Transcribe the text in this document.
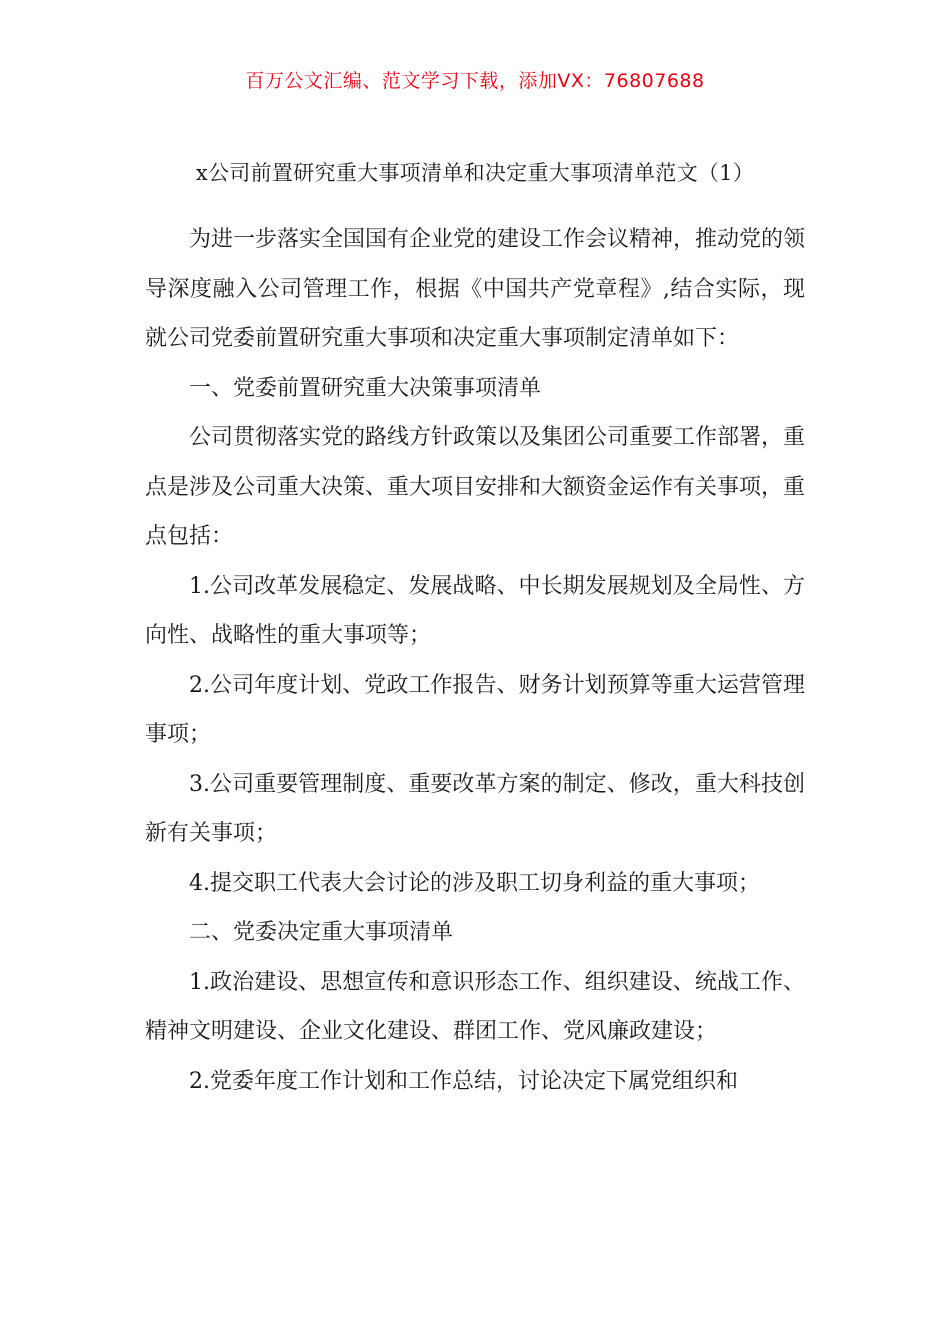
百万公文汇编、范文学习下载，添加VX：76807688
x公司前置研究重大事项清单和决定重大事项清单范文（1）

为进一步落实全国国有企业党的建设工作会议精神，推动党的领导深度融入公司管理工作，根据《中国共产党章程》,结合实际，现就公司党委前置研究重大事项和决定重大事项制定清单如下：

一、党委前置研究重大决策事项清单

公司贯彻落实党的路线方针政策以及集团公司重要工作部署，重点是涉及公司重大决策、重大项目安排和大额资金运作有关事项，重点包括：

1.公司改革发展稳定、发展战略、中长期发展规划及全局性、方向性、战略性的重大事项等；

2.公司年度计划、党政工作报告、财务计划预算等重大运营管理事项；

3.公司重要管理制度、重要改革方案的制定、修改，重大科技创新有关事项；

4.提交职工代表大会讨论的涉及职工切身利益的重大事项；

二、党委决定重大事项清单

1.政治建设、思想宣传和意识形态工作、组织建设、统战工作、精神文明建设、企业文化建设、群团工作、党风廉政建设；

2.党委年度工作计划和工作总结，讨论决定下属党组织和
